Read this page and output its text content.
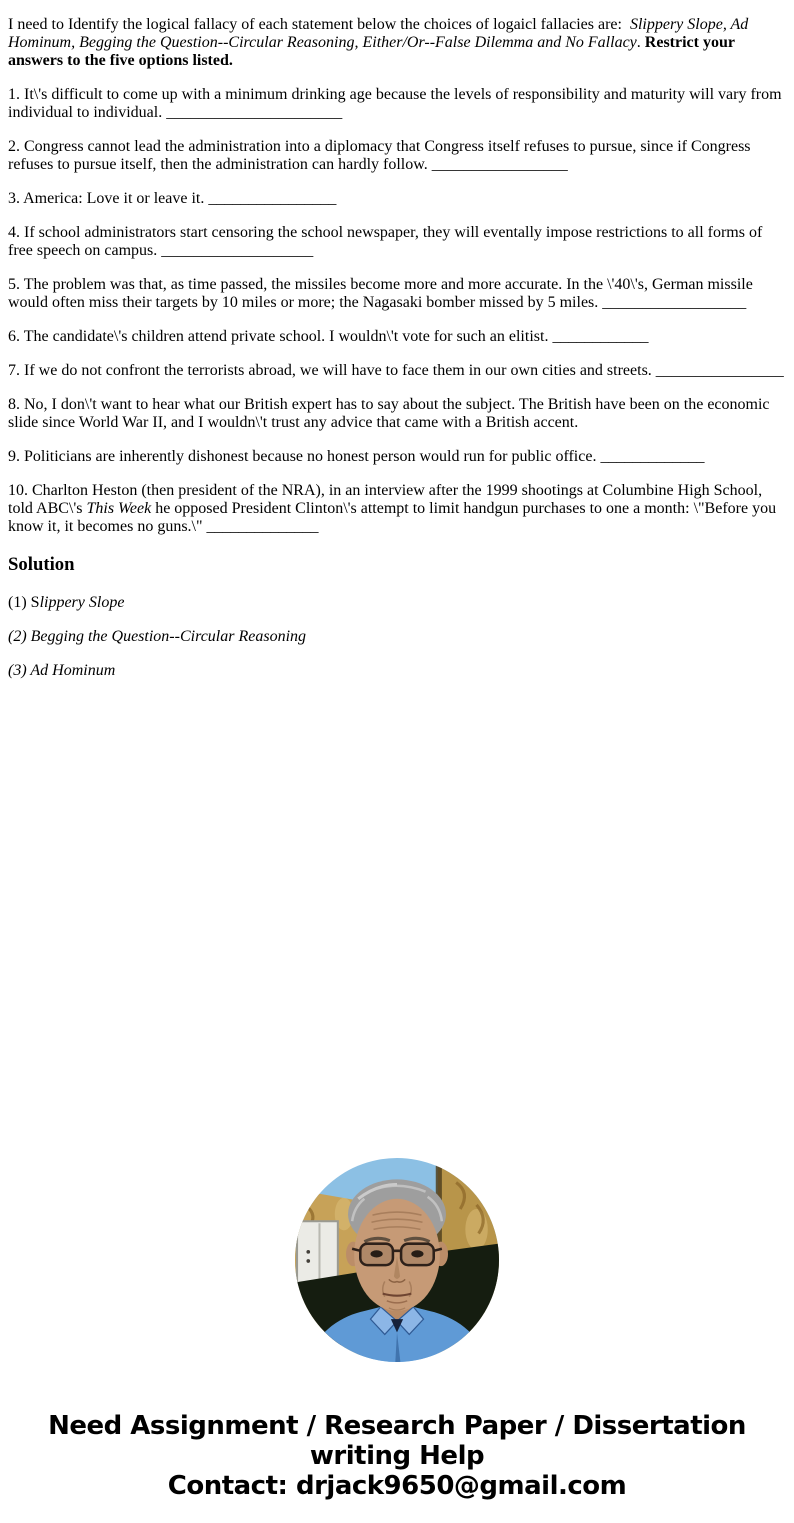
I need to Identify the logical fallacy of each statement below the choices of logaicl fallacies are:  Slippery Slope, Ad Hominum, Begging the Question--Circular Reasoning, Either/Or--False Dilemma and No Fallacy. Restrict your answers to the five options listed.

1. It\'s difficult to come up with a minimum drinking age because the levels of responsibility and maturity will vary from individual to individual. ______________________

2. Congress cannot lead the administration into a diplomacy that Congress itself refuses to pursue, since if Congress refuses to pursue itself, then the administration can hardly follow. _________________

3. America: Love it or leave it. ________________

4. If school administrators start censoring the school newspaper, they will eventally impose restrictions to all forms of free speech on campus. ___________________

5. The problem was that, as time passed, the missiles become more and more accurate. In the \'40\'s, German missile would often miss their targets by 10 miles or more; the Nagasaki bomber missed by 5 miles. __________________

6. The candidate\'s children attend private school. I wouldn\'t vote for such an elitist. ____________

7. If we do not confront the terrorists abroad, we will have to face them in our own cities and streets. ________________

8. No, I don\'t want to hear what our British expert has to say about the subject. The British have been on the economic slide since World War II, and I wouldn\'t trust any advice that came with a British accent.

9. Politicians are inherently dishonest because no honest person would run for public office. _____________

10. Charlton Heston (then president of the NRA), in an interview after the 1999 shootings at Columbine High School, told ABC\'s This Week he opposed President Clinton\'s attempt to limit handgun purchases to one a month: \"Before you know it, it becomes no guns.\" ______________

Solution

(1) Slippery Slope

(2) Begging the Question--Circular Reasoning

(3) Ad Hominum

Need Assignment / Research Paper / Dissertation
writing Help
Contact: drjack9650@gmail.com
